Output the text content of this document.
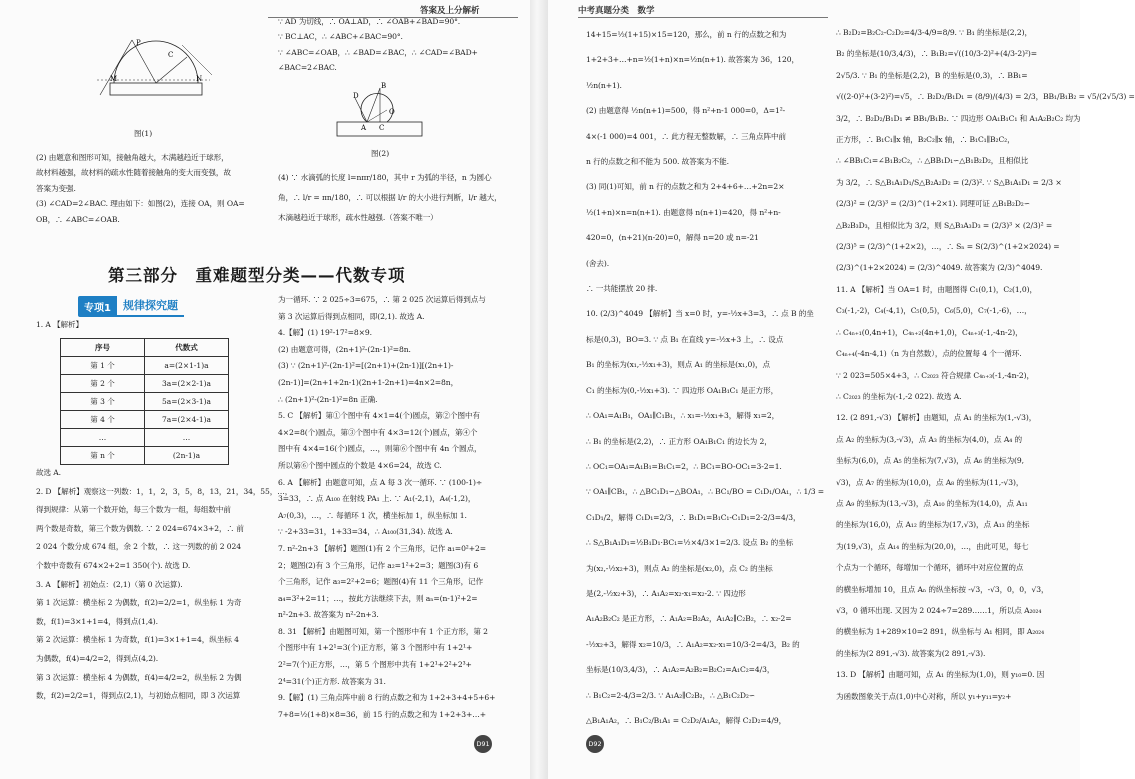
答案及上分解析
P
C
M	N
图(1)
D
B
O
A C
图(2)

∵ AD 为切线，∴ OA⊥AD，∴ ∠OAB+∠BAD=90°.

∵ BC⊥AC，∴ ∠ABC+∠BAC=90°.

∵ ∠ABC=∠OAB，∴ ∠BAD=∠BAC，∴ ∠CAD=∠BAD+

∠BAC=2∠BAC.

(2) 由题意和图形可知，接触角越大，木满越趋近于球形，

故材料越强，故材料的疏水性随着接触角的变大而变强，故

答案为变强.

(3) ∠CAD=2∠BAC. 理由如下：如图(2)，连接 OA，则 OA=

OB，∴ ∠ABC=∠OAB.

(4) ∵ 水滴弧的长度 l=nπr/180，其中 r 为弧的半径，n 为圆心

角，∴ l/r = πn/180，∴ 可以根据 l/r 的大小进行判断，l/r 越大，

木滴越趋近于球形，疏水性越强.（答案不唯一）

第三部分　重难题型分类——代数专项
专项1	规律探究题

1. A 【解析】

序号	代数式
第 1 个	a=(2×1-1)a
第 2 个	3a=(2×2-1)a
第 3 个	5a=(2×3-1)a
第 4 个	7a=(2×4-1)a
…	…
第 n 个	(2n-1)a

故选 A.

2. D 【解析】观察这一列数：1，1，2，3，5，8，13，21，34，55，…，

得到规律：从第一个数开始，每三个数为一组，每组数中前

两个数是奇数，第三个数为偶数. ∵ 2 024=674×3+2，∴ 前

2 024 个数分成 674 组，余 2 个数，∴ 这一列数的前 2 024

个数中奇数有 674×2+2=1 350(个). 故选 D.

3. A 【解析】初始点：(2,1)（第 0 次运算).

第 1 次运算：横坐标 2 为偶数，f(2)=2/2=1，纵坐标 1 为奇

数，f(1)=3×1+1=4，得到点(1,4).

第 2 次运算：横坐标 1 为奇数，f(1)=3×1+1=4，纵坐标 4

为偶数，f(4)=4/2=2，得到点(4,2).

第 3 次运算：横坐标 4 为偶数，f(4)=4/2=2，纵坐标 2 为偶

数，f(2)=2/2=1，得到点(2,1)，与初始点相同，即 3 次运算

为一循环. ∵ 2 025÷3=675，∴ 第 2 025 次运算后得到点与

第 3 次运算后得到点相同，即(2,1). 故选 A.

4.【解】(1) 19²-17²=8×9.

(2) 由题意可得，(2n+1)²-(2n-1)²=8n.

(3) ∵ (2n+1)²-(2n-1)²=[(2n+1)+(2n-1)][(2n+1)-

(2n-1)]=(2n+1+2n-1)(2n+1-2n+1)=4n×2=8n，

∴ (2n+1)²-(2n-1)²=8n 正确.

5. C 【解析】第①个图中有 4×1=4(个)圆点，第②个图中有

4×2=8(个)圆点，第③个图中有 4×3=12(个)圆点，第④个

图中有 4×4=16(个)圆点，…，则第⑥个图中有 4n 个圆点，

所以第⑥个图中圆点的个数是 4×6=24，故选 C.

6. A 【解析】由题意可知，点 A 每 3 次一循环. ∵ (100-1)÷

3=33，∴ 点 A₁₀₀ 在射线 PA₁ 上. ∵ A₁(-2,1)，A₄(-1,2)，

A₇(0,3)，…，∴ 每循环 1 次，横坐标加 1，纵坐标加 1.

∵ -2+33=31，1+33=34，∴ A₁₀₀(31,34). 故选 A.

7. n²-2n+3 【解析】题图(1)有 2 个三角形，记作 a₁=0²+2=

2；题图(2)有 3 个三角形，记作 a₂=1²+2=3；题图(3)有 6

个三角形，记作 a₃=2²+2=6；题图(4)有 11 个三角形，记作

a₄=3²+2=11；…，按此方法继续下去，则 aₙ=(n-1)²+2=

n²-2n+3. 故答案为 n²-2n+3.

8. 31 【解析】由题图可知，第一个图形中有 1 个正方形，第 2

个图形中有 1+2¹=3(个)正方形，第 3 个图形中有 1+2¹+

2²=7(个)正方形，…，第 5 个图形中共有 1+2¹+2²+2³+

2⁴=31(个)正方形. 故答案为 31.

9.【解】(1) 三角点阵中前 8 行的点数之和为 1+2+3+4+5+6+

7+8=½(1+8)×8=36，前 15 行的点数之和为 1+2+3+…+

D91
中考真题分类　数学

14+15=½(1+15)×15=120，那么，前 n 行的点数之和为

1+2+3+…+n=½(1+n)×n=½n(n+1). 故答案为 36，120，

½n(n+1).

(2) 由题意得 ½n(n+1)=500，得 n²+n-1 000=0，Δ=1²-

4×(-1 000)=4 001，∴ 此方程无整数解，∴ 三角点阵中前

n 行的点数之和不能为 500. 故答案为不能.

(3) 同(1)可知，前 n 行的点数之和为 2+4+6+…+2n=2×

½(1+n)×n=n(n+1). 由题意得 n(n+1)=420，得 n²+n-

420=0，(n+21)(n-20)=0，解得 n=20 或 n=-21

(舍去).

∴ 一共能摆放 20 排.

10. (2/3)^4049 【解析】当 x=0 时，y=-½x+3=3，∴ 点 B 的坐

标是(0,3)，BO=3. ∵ 点 B₁ 在直线 y=-½x+3 上，∴ 设点

B₁ 的坐标为(x₁,-½x₁+3)，则点 A₁ 的坐标是(x₁,0)，点

C₁ 的坐标为(0,-½x₁+3). ∵ 四边形 OA₁B₁C₁ 是正方形，

∴ OA₁=A₁B₁，OA₁∥C₁B₁，∴ x₁=-½x₁+3，解得 x₁=2，

∴ B₁ 的坐标是(2,2)，∴ 正方形 OA₁B₁C₁ 的边长为 2，

∴ OC₁=OA₁=A₁B₁=B₁C₁=2，∴ BC₁=BO-OC₁=3-2=1.

∵ OA₁∥CB₁，∴ △BC₁D₁∽△BOA₁，∴ BC₁/BO = C₁D₁/OA₁，∴ 1/3 =

C₁D₁/2，解得 C₁D₁=2/3，∴ B₁D₁=B₁C₁-C₁D₁=2-2/3=4/3，

∴ S△B₁A₁D₁=½B₁D₁·BC₁=½×4/3×1=2/3. 设点 B₂ 的坐标

为(x₂,-½x₂+3)，则点 A₂ 的坐标是(x₂,0)，点 C₂ 的坐标

是(2,-½x₂+3)，∴ A₁A₂=x₂-x₁=x₂-2. ∵ 四边形

A₁A₂B₂C₂ 是正方形，∴ A₁A₂=B₂A₂，A₁A₂∥C₂B₂，∴ x₂-2=

-½x₂+3，解得 x₂=10/3，∴ A₁A₂=x₂-x₁=10/3-2=4/3，B₂ 的

坐标是(10/3,4/3)，∴ A₁A₂=A₂B₂=B₂C₂=A₁C₂=4/3，

∴ B₁C₂=2-4/3=2/3. ∵ A₁A₂∥C₂B₂，∴ △B₁C₂D₂∽

△B₁A₁A₂，∴ B₁C₂/B₁A₁ = C₂D₂/A₁A₂，解得 C₂D₂=4/9，

∴ B₂D₂=B₂C₂-C₂D₂=4/3-4/9=8/9. ∵ B₁ 的坐标是(2,2)，

B₂ 的坐标是(10/3,4/3)，∴ B₁B₂=√((10/3-2)²+(4/3-2)²)=

2√5/3. ∵ B₁ 的坐标是(2,2)，B 的坐标是(0,3)，∴ BB₁=

√((2-0)²+(3-2)²)=√5，∴ B₂D₂/B₁D₁ = (8/9)/(4/3) = 2/3，BB₁/B₁B₂ = √5/(2√5/3) =

3/2，∴ B₂D₂/B₁D₁ ≠ BB₁/B₁B₂. ∵ 四边形 OA₁B₁C₁ 和 A₁A₂B₂C₂ 均为

正方形，∴ B₁C₁∥x 轴，B₂C₂∥x 轴，∴ B₁C₁∥B₂C₂，

∴ ∠BB₁C₁=∠B₁B₂C₂，∴ △BB₁D₁∽△B₁B₂D₂，且相似比

为 3/2，∴ S△B₁A₁D₁/S△B₂A₂D₂ = (2/3)². ∵ S△B₁A₁D₁ = 2/3 ×

(2/3)² = (2/3)³ = (2/3)^(1+2×1). 同理可证 △B₁B₂D₂∽

△B₂B₃D₃，且相似比为 3/2，则 S△B₃A₃D₃ = (2/3)³ × (2/3)² =

(2/3)⁵ = (2/3)^(1+2×2)，…，∴ Sₙ = S(2/3)^(1+2×2024) =

(2/3)^(1+2×2024) = (2/3)^4049. 故答案为 (2/3)^4049.

11. A 【解析】当 OA=1 时，由题图得 C₁(0,1)，C₂(1,0)，

C₃(-1,-2)，C₄(-4,1)，C₅(0,5)，C₆(5,0)，C₇(-1,-6)，…，

∴ C₄ₙ₊₁(0,4n+1)，C₄ₙ₊₂(4n+1,0)，C₄ₙ₊₃(-1,-4n-2)，

C₄ₙ₊₄(-4n-4,1)（n 为自然数），点的位置每 4 个一循环.

∵ 2 023=505×4+3，∴ C₂₀₂₃ 符合规律 C₄ₙ₊₃(-1,-4n-2)，

∴ C₂₀₂₃ 的坐标为(-1,-2 022). 故选 A.

12. (2 891,-√3) 【解析】由题知，点 A₁ 的坐标为(1,-√3)，

点 A₂ 的坐标为(3,-√3)，点 A₃ 的坐标为(4,0)，点 A₄ 的

坐标为(6,0)，点 A₅ 的坐标为(7,√3)，点 A₆ 的坐标为(9,

√3)，点 A₇ 的坐标为(10,0)，点 A₈ 的坐标为(11,-√3)，

点 A₉ 的坐标为(13,-√3)，点 A₁₀ 的坐标为(14,0)，点 A₁₁

的坐标为(16,0)，点 A₁₂ 的坐标为(17,√3)，点 A₁₃ 的坐标

为(19,√3)，点 A₁₄ 的坐标为(20,0)，…，由此可见，每七

个点为一个循环，每增加一个循环，循环中对应位置的点

的横坐标增加 10，且点 Aₙ 的纵坐标按 -√3，-√3，0，0，√3，

√3，0 循环出现. 又因为 2 024÷7=289……1，所以点 A₂₀₂₄

的横坐标为 1+289×10=2 891，纵坐标与 A₁ 相同，即 A₂₀₂₄

的坐标为(2 891,-√3). 故答案为(2 891,-√3).

13. D 【解析】由题可知，点 A₁ 的坐标为(1,0)，则 y₁₀=0. 因

为函数图象关于点(1,0)中心对称，所以 y₁+y₁₁=y₂+

D92
